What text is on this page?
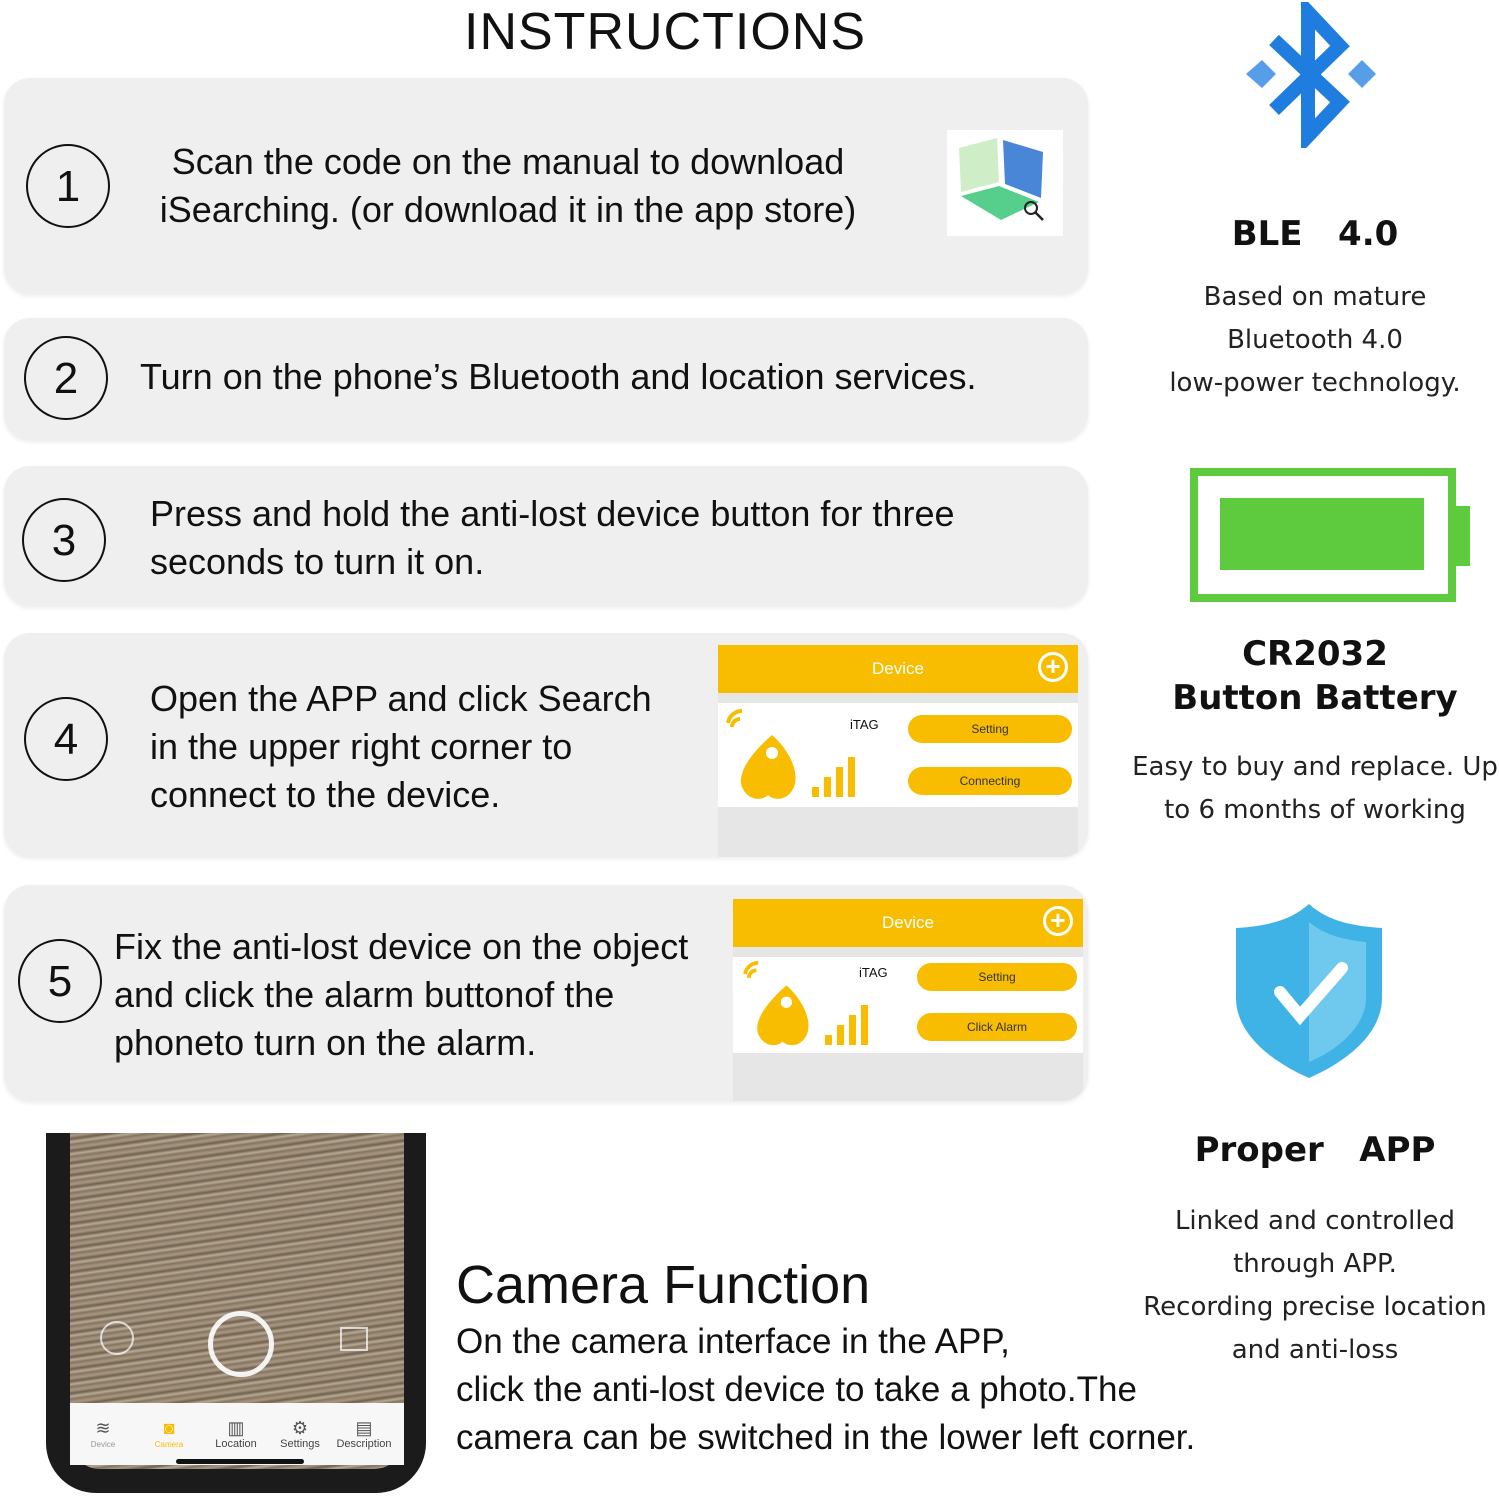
INSTRUCTIONS
1
Scan the code on the manual to download
iSearching. (or download it in the app store)
2	Turn on the phone’s Bluetooth and location services.
3
Press and hold the anti-lost device button for three
seconds to turn it on.
4
Open the APP and click Search
in the upper right corner to
connect to the device.
Device	+
iTAG	Setting
Connecting
5
Fix the anti-lost device on the object
and click the alarm buttonof the
phoneto turn on the alarm.
Device	+
iTAG	Setting
Click Alarm
BLE   4.0
Based on mature
Bluetooth 4.0
low-power technology.
CR2032
Button Battery
Easy to buy and replace. Up
to 6 months of working
Proper   APP
Linked and controlled
through APP.
Recording precise location
and anti-loss
≋
Device
◙
Camera
▥
Location
⚙
Settings
▤
Description
Camera Function
On the camera interface in the APP,
click the anti-lost device to take a photo.The
camera can be switched in the lower left corner.
